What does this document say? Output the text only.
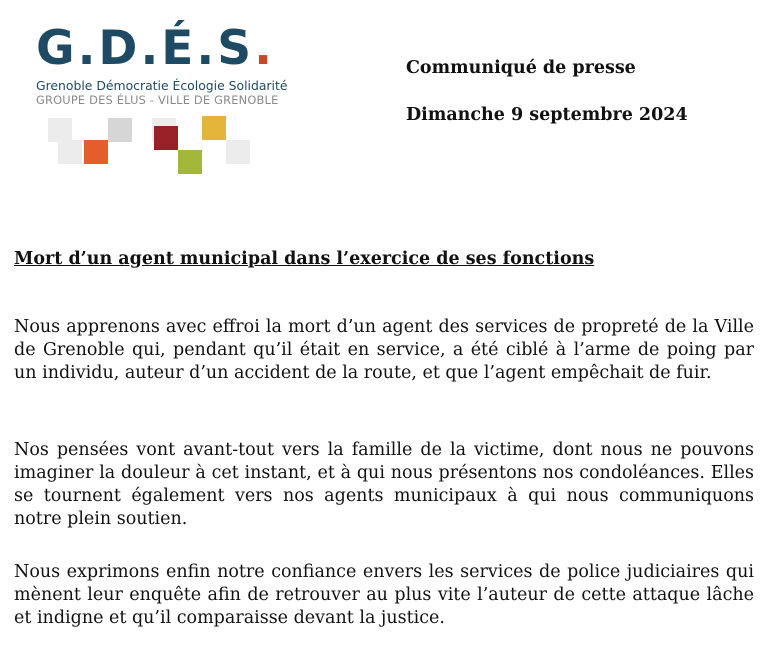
G.D.É.S.
Grenoble Démocratie Écologie Solidarité
GROUPE DES ÉLUS - VILLE DE GRENOBLE
Communiqué de presse
Dimanche 9 septembre 2024
Mort d’un agent municipal dans l’exercice de ses fonctions

Nous apprenons avec effroi la mort d’un agent des services de propreté de la Ville de Grenoble qui, pendant qu’il était en service, a été ciblé à l’arme de poing par un individu, auteur d’un accident de la route, et que l’agent empêchait de fuir.

Nos pensées vont avant-tout vers la famille de la victime, dont nous ne pouvons imaginer la douleur à cet instant, et à qui nous présentons nos condoléances. Elles se tournent également vers nos agents municipaux à qui nous communiquons notre plein soutien.

Nous exprimons enfin notre confiance envers les services de police judiciaires qui mènent leur enquête afin de retrouver au plus vite l’auteur de cette attaque lâche et indigne et qu’il comparaisse devant la justice.
